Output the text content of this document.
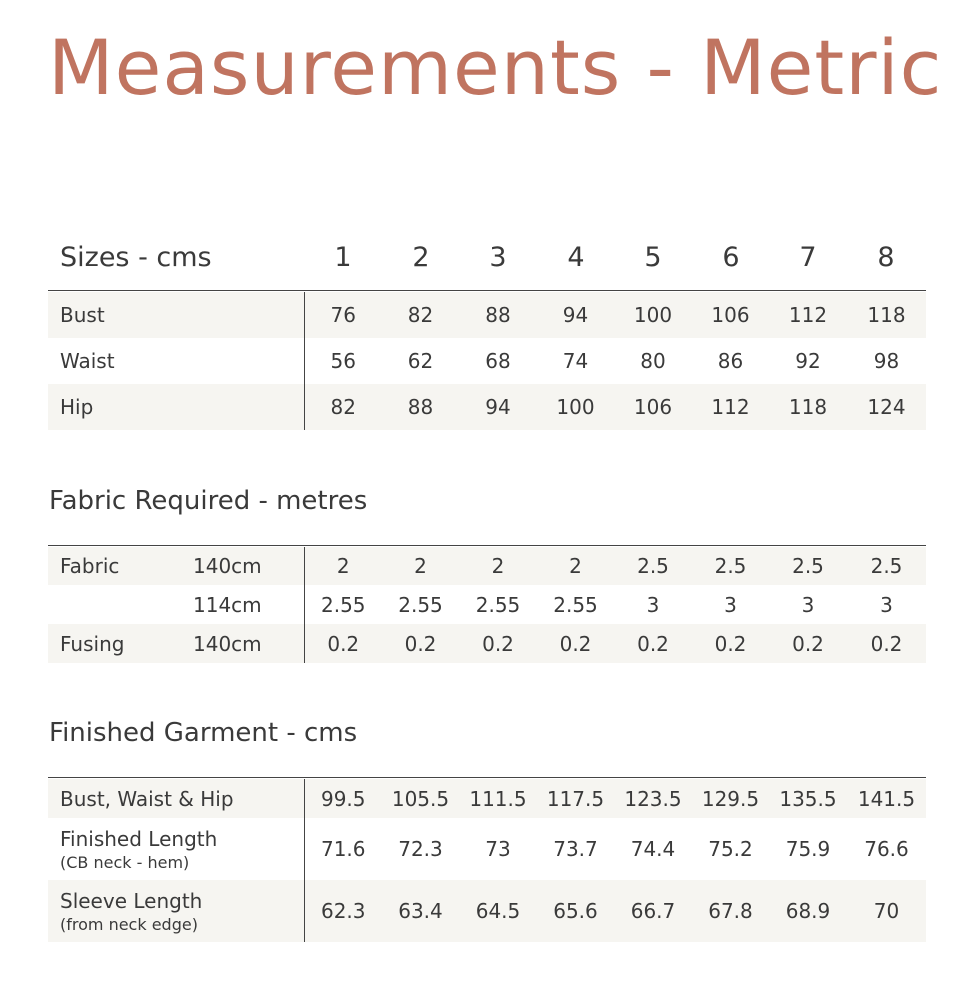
Measurements - Metric
Sizes - cms	1	2	3	4	5	6	7	8
Bust	76	82	88	94	100	106	112	118
Waist	56	62	68	74	80	86	92	98
Hip	82	88	94	100	106	112	118	124
Fabric Required - metres
Fabric	140cm	2	2	2	2	2.5	2.5	2.5	2.5
	114cm	2.55	2.55	2.55	2.55	3	3	3	3
Fusing	140cm	0.2	0.2	0.2	0.2	0.2	0.2	0.2	0.2
Finished Garment - cms
Bust, Waist & Hip	99.5	105.5	111.5	117.5	123.5	129.5	135.5	141.5
Finished Length
(CB neck - hem)	71.6	72.3	73	73.7	74.4	75.2	75.9	76.6
Sleeve Length
(from neck edge)	62.3	63.4	64.5	65.6	66.7	67.8	68.9	70
